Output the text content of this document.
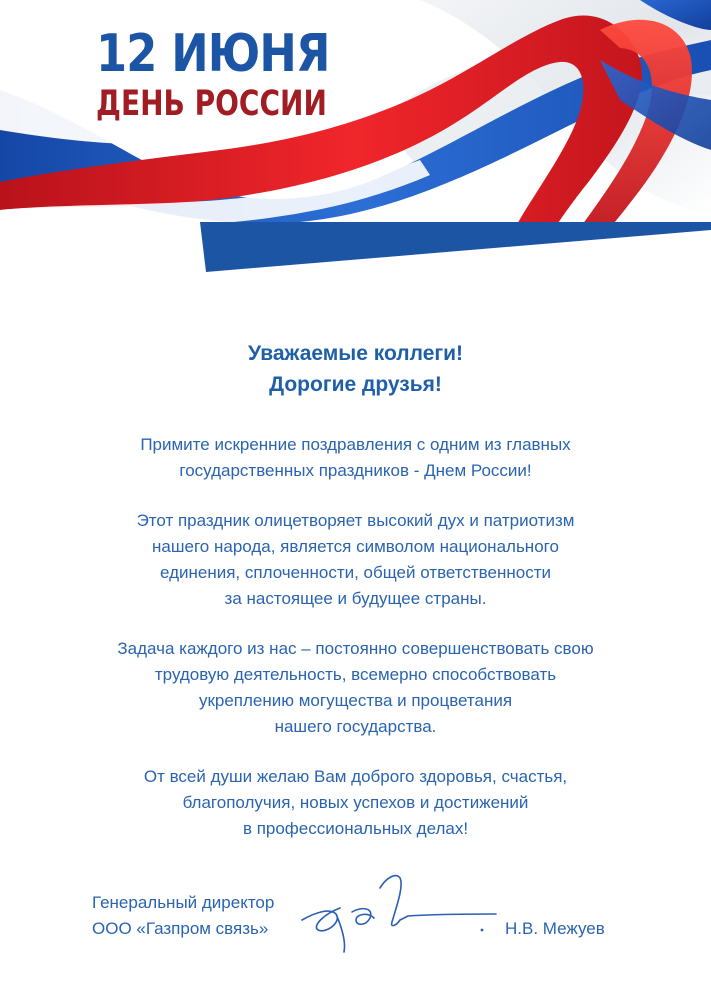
12 ИЮНЯ
ДЕНЬ РОССИИ
Уважаемые коллеги!
Дорогие друзья!
Примите искренние поздравления с одним из главных
государственных праздников - Днем России!
Этот праздник олицетворяет высокий дух и патриотизм
нашего народа, является символом национального
единения, сплоченности, общей ответственности
за настоящее и будущее страны.
Задача каждого из нас – постоянно совершенствовать свою
трудовую деятельность, всемерно способствовать
укреплению могущества и процветания
нашего государства.
От всей души желаю Вам доброго здоровья, счастья,
благополучия, новых успехов и достижений
в профессиональных делах!
Генеральный директор
ООО «Газпром связь»	Н.В. Межуев
